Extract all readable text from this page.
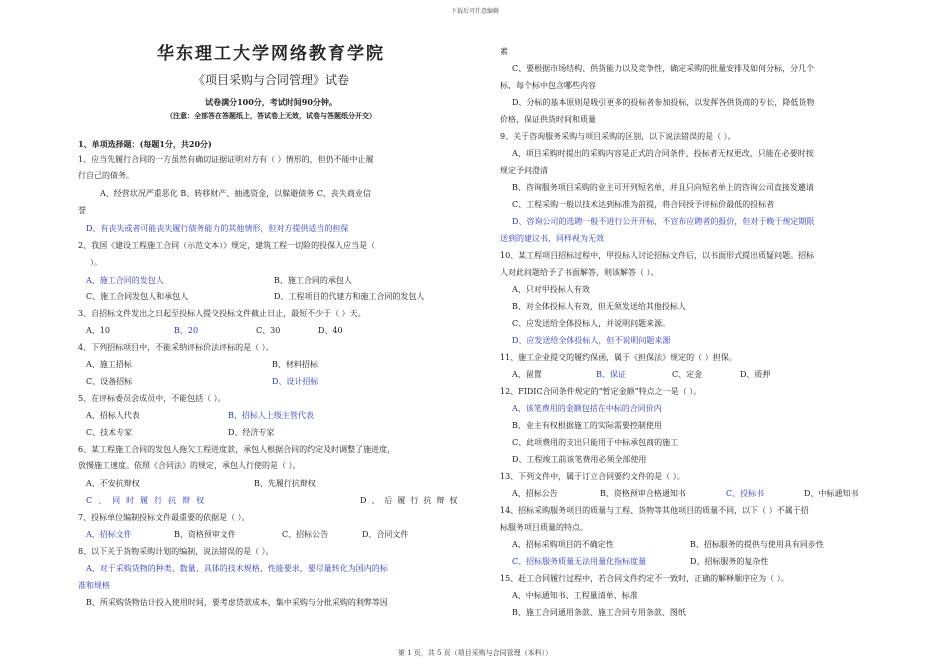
下载后可任意编辑
华东理工大学网络教育学院
《项目采购与合同管理》试卷
试卷满分100分，考试时间90分钟。
（注意：全部答在答题纸上，答试卷上无效，试卷与答题纸分开交）
1、单项选择题：(每题1分，共20分)
1、应当先履行合同的一方虽然有确切证据证明对方有（ ）情形的，但仍不能中止履
行自己的债务。
A、经营状况严重恶化 B、转移财产、抽逃资金，以躲避债务 C、丧失商业信
誉
D、有丧失或者可能丧失履行债务能力的其他情形，但对方提供适当的担保
2、我国《建设工程施工合同（示范文本）》规定，建筑工程一切险的投保人应当是（
）。
A、施工合同的发包人	B、施工合同的承包人
C、施工合同发包人和承包人	D、工程项目的代建方和施工合同的发包人
3、自招标文件发出之日起至投标人提交投标文件截止日止，最短不少于（ ）天。
A、10	B、20	C、30	D、40
4、下列招标项目中，不能采纳评标价法评标的是（ ）。
A、施工招标	B、材料招标
C、设备招标	D、设计招标
5、在评标委员会成员中，不能包括（ ）。
A、招标人代表	B、招标人上级主管代表
C、技术专家	D、经济专家
6、某工程施工合同的发包人拖欠工程进度款，承包人根据合同的约定及时调整了施进度，
放慢施工速度。依照《合同法》的规定，承包人行使的是（ ）。
A、不安抗辩权	B、先履行抗辩权
C、同时履行抗辩权	D、后履行抗辩权
7、投标单位编制投标文件最重要的依据是（ ）。
A、招标文件	B、资格预审文件	C、招标公告	D、合同文件
8、以下关于货物采购计划的编制，说法错误的是（ ）。
A、对于采购货物的种类、数量、具体的技术规格、性能要求，要尽量转化为国内的标
准和规格
B、所采购货物估计投入使用时间，要考虑贷款成本，集中采购与分批采购的利弊等因
素
C、要根据市场结构、供货能力以及竞争性，确定采购的批量安排及如何分标，分几个
标，每个标中包含哪些内容
D、分标的基本原则是吸引更多的投标者参加投标，以发挥各供货商的专长，降低货物
价格，保证供货时间和质量
9、关于咨询服务采购与项目采购的区别，以下说法错误的是（ ）。
A、项目采购时提出的采购内容是正式的合同条件，投标者无权更改，只能在必要时按
规定予问澄清
B、咨询服务项目采购的业主可开列短名单，并且只向短名单上的咨询公司直接发邀请
C、工程采购一般以技术达到标准为前提，将合同授予评标价最低的投标者
D、咨询公司的选聘一般不进行公开开标，不宣布应聘者的报价，但对于晚于规定期限
送到的建议书，同样视为无效
10、某工程项目招标过程中，甲投标人讨论招标文件后，以书面形式提出质疑问题。招标
人对此问题给予了书面解答，则该解答（ ）。
A、只对甲投标人有效
B、对全体投标人有效，但无须发送给其他投标人
C、应发送给全体投标人，并说明问题来源。
D、应发送给全体投标人，但不说明问题来源
11、施工企业提交的履约保函，属于《担保法》规定的（ ）担保。
A、留置	B、保证	C、定金	D、质押
12、FIDIC合同条件规定的“暂定金额”特点之一是（ ）。
A、该笔费用的金额包括在中标的合同价内
B、业主有权根据施工的实际需要控制使用
C、此项费用的支出只能用于中标承包商的施工
D、工程竣工前该笔费用必须全部使用
13、下列文件中，属于订立合同要约文件的是（ ）。
A、招标公告	B、资格预审合格通知书	C、投标书	D、中标通知书
14、招标采购服务项目的质量与工程、货物等其他项目的质量不同，以下（ ）不属于招
标服务项目质量的特点。
A、招标采购项目的不确定性	B、招标服务的提供与使用具有同步性
C、招标服务质量无法用量化指标度量	D、招标服务的复杂性
15、赶工合同履行过程中，若合同文件约定不一致时，正确的解释顺序应为（ ）。
A、中标通知书、工程量清单、标准
B、施工合同通用条款、施工合同专用条款、图纸
第 1 页，共 5 页（项目采购与合同管理（本科））
